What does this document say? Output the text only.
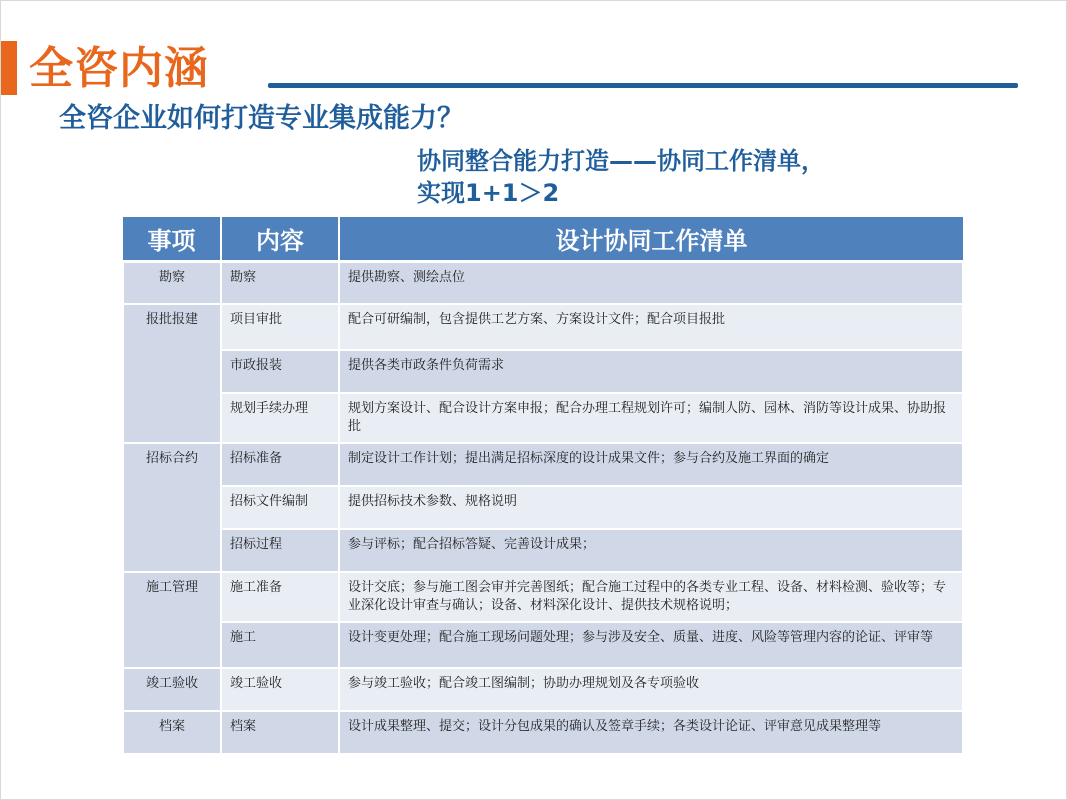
全咨内涵
全咨企业如何打造专业集成能力？
协同整合能力打造——协同工作清单，
实现1+1＞2
事项	内容	设计协同工作清单
勘察	勘察	提供勘察、测绘点位
报批报建	项目审批	配合可研编制，包含提供工艺方案、方案设计文件；配合项目报批
	市政报装	提供各类市政条件负荷需求
	规划手续办理	规划方案设计、配合设计方案申报；配合办理工程规划许可；编制人防、园林、消防等设计成果、协助报批
招标合约	招标准备	制定设计工作计划；提出满足招标深度的设计成果文件；参与合约及施工界面的确定
	招标文件编制	提供招标技术参数、规格说明
	招标过程	参与评标；配合招标答疑、完善设计成果；
施工管理	施工准备	设计交底；参与施工图会审并完善图纸；配合施工过程中的各类专业工程、设备、材料检测、验收等；专业深化设计审查与确认；设备、材料深化设计、提供技术规格说明；
	施工	设计变更处理；配合施工现场问题处理；参与涉及安全、质量、进度、风险等管理内容的论证、评审等
竣工验收	竣工验收	参与竣工验收；配合竣工图编制；协助办理规划及各专项验收
档案	档案	设计成果整理、提交；设计分包成果的确认及签章手续；各类设计论证、评审意见成果整理等
